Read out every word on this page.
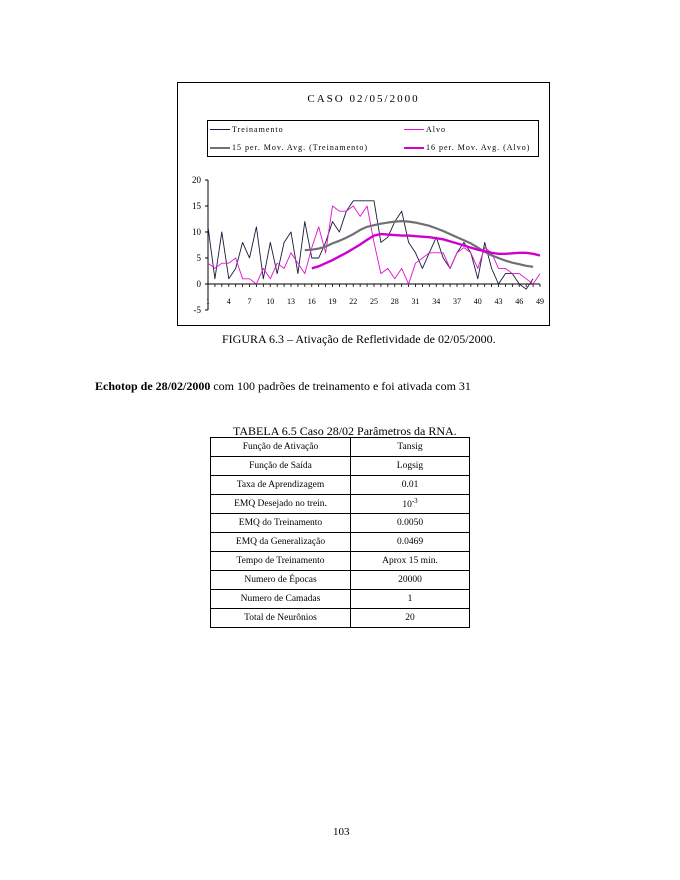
CASO 02/05/2000
Treinamento	Alvo
15 per. Mov. Avg. (Treinamento)	16 per. Mov. Avg. (Alvo)
-5
0
5
10
15
20
1 4 7 10 13 16 19 22 25 28 31 34 37 40 43 46 49
FIGURA 6.3 – Ativação de Refletividade de 02/05/2000.
Echotop de 28/02/2000 com 100 padrões de treinamento e foi ativada com 31
TABELA 6.5 Caso 28/02 Parâmetros da RNA.
Função de Ativação	Tansig
Função de Saída	Logsig
Taxa de Aprendizagem	0.01
EMQ Desejado no trein.	$10^{-3}$
EMQ do Treinamento	0.0050
EMQ da Generalização	0.0469
Tempo de Treinamento	Aprox 15 min.
Numero de Épocas	20000
Numero de Camadas	1
Total de Neurônios	20
103
